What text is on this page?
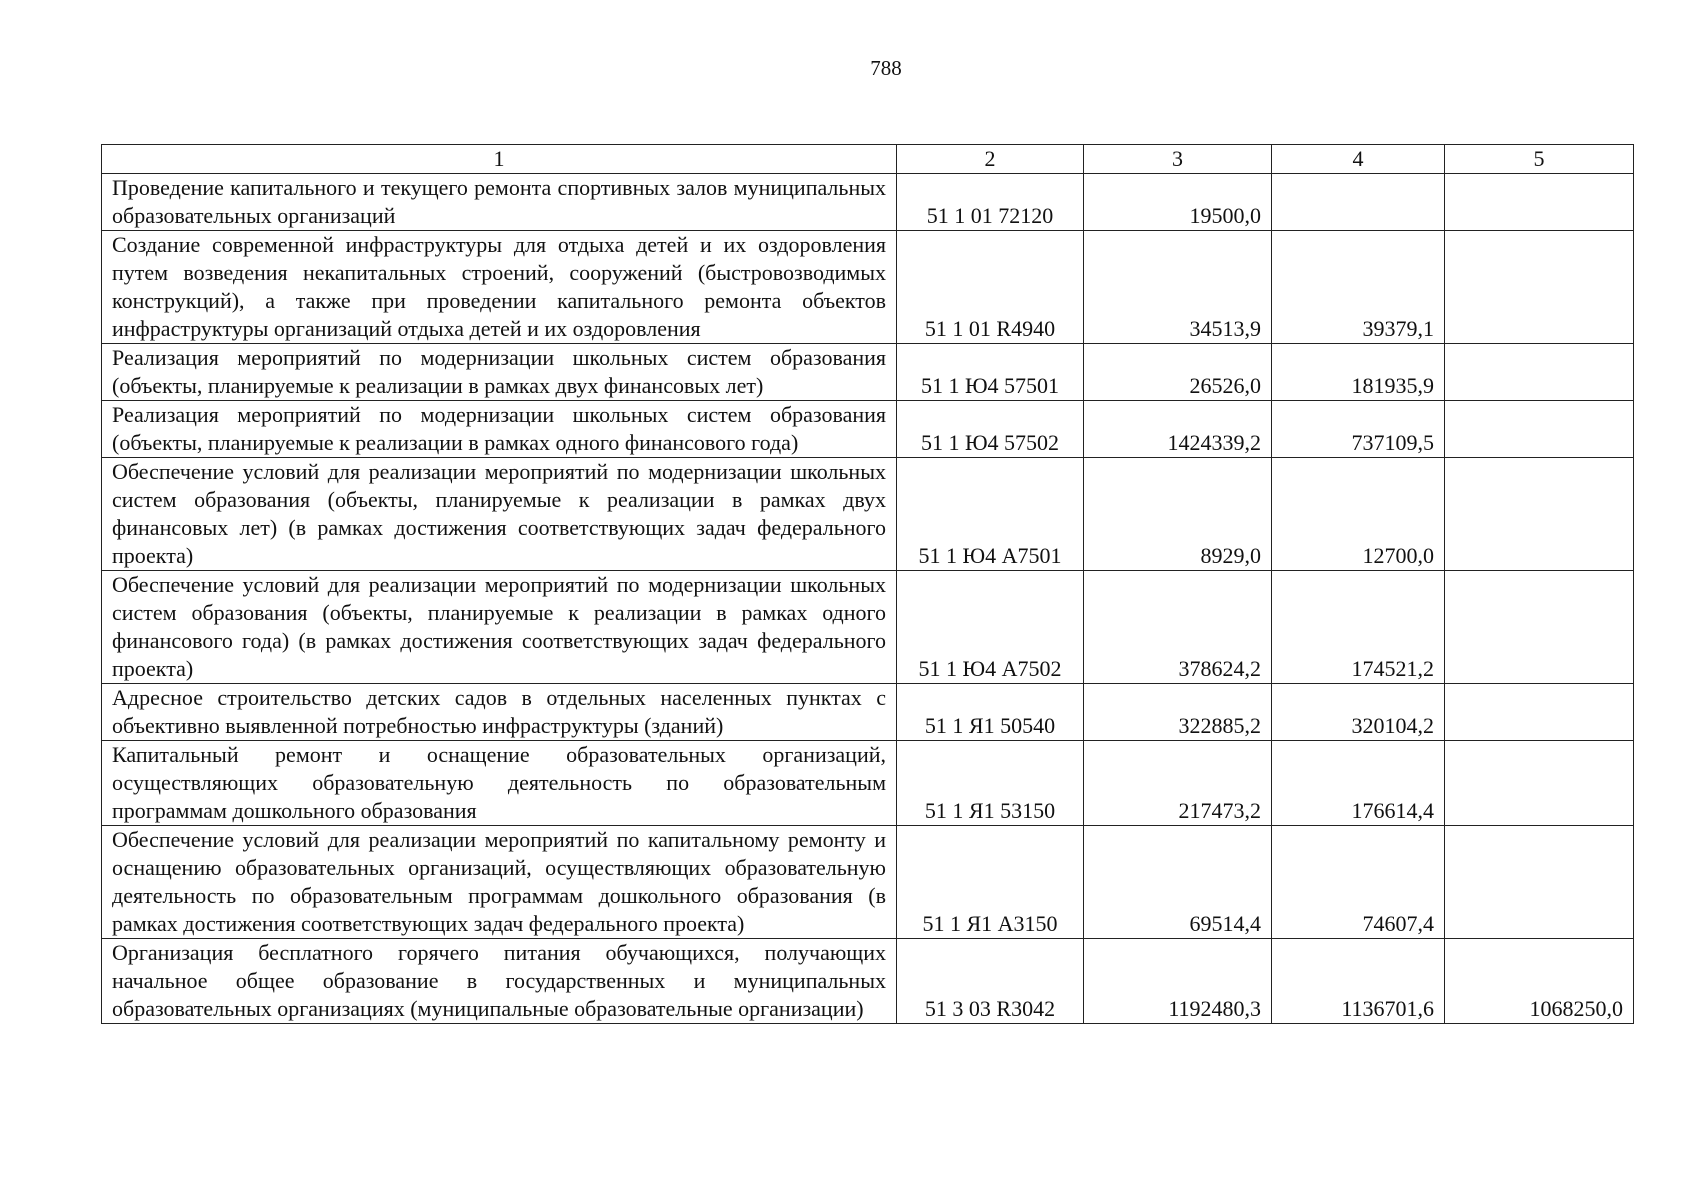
788
1	2	3	4	5
Проведение капитального и текущего ремонта спортивных залов муниципальных образовательных организаций	51 1 01 72120	19500,0		
Создание современной инфраструктуры для отдыха детей и их оздоровления путем возведения некапитальных строений, сооружений (быстровозводимых конструкций), а также при проведении капитального ремонта объектов инфраструктуры организаций отдыха детей и их оздоровления	51 1 01 R4940	34513,9	39379,1	
Реализация мероприятий по модернизации школьных систем образования (объекты, планируемые к реализации в рамках двух финансовых лет)	51 1 Ю4 57501	26526,0	181935,9	
Реализация мероприятий по модернизации школьных систем образования (объекты, планируемые к реализации в рамках одного финансового года)	51 1 Ю4 57502	1424339,2	737109,5	
Обеспечение условий для реализации мероприятий по модернизации школьных систем образования (объекты, планируемые к реализации в рамках двух финансовых лет) (в рамках достижения соответствующих задач федерального проекта)	51 1 Ю4 A7501	8929,0	12700,0	
Обеспечение условий для реализации мероприятий по модернизации школьных систем образования (объекты, планируемые к реализации в рамках одного финансового года) (в рамках достижения соответствующих задач федерального проекта)	51 1 Ю4 A7502	378624,2	174521,2	
Адресное строительство детских садов в отдельных населенных пунктах с объективно выявленной потребностью инфраструктуры (зданий)	51 1 Я1 50540	322885,2	320104,2	
Капитальный ремонт и оснащение образовательных организаций, осуществляющих образовательную деятельность по образовательным программам дошкольного образования	51 1 Я1 53150	217473,2	176614,4	
Обеспечение условий для реализации мероприятий по капитальному ремонту и оснащению образовательных организаций, осуществляющих образовательную деятельность по образовательным программам дошкольного образования (в рамках достижения соответствующих задач федерального проекта)	51 1 Я1 A3150	69514,4	74607,4	
Организация бесплатного горячего питания обучающихся, получающих начальное общее образование в государственных и муниципальных образовательных организациях (муниципальные образовательные организации)	51 3 03 R3042	1192480,3	1136701,6	1068250,0
